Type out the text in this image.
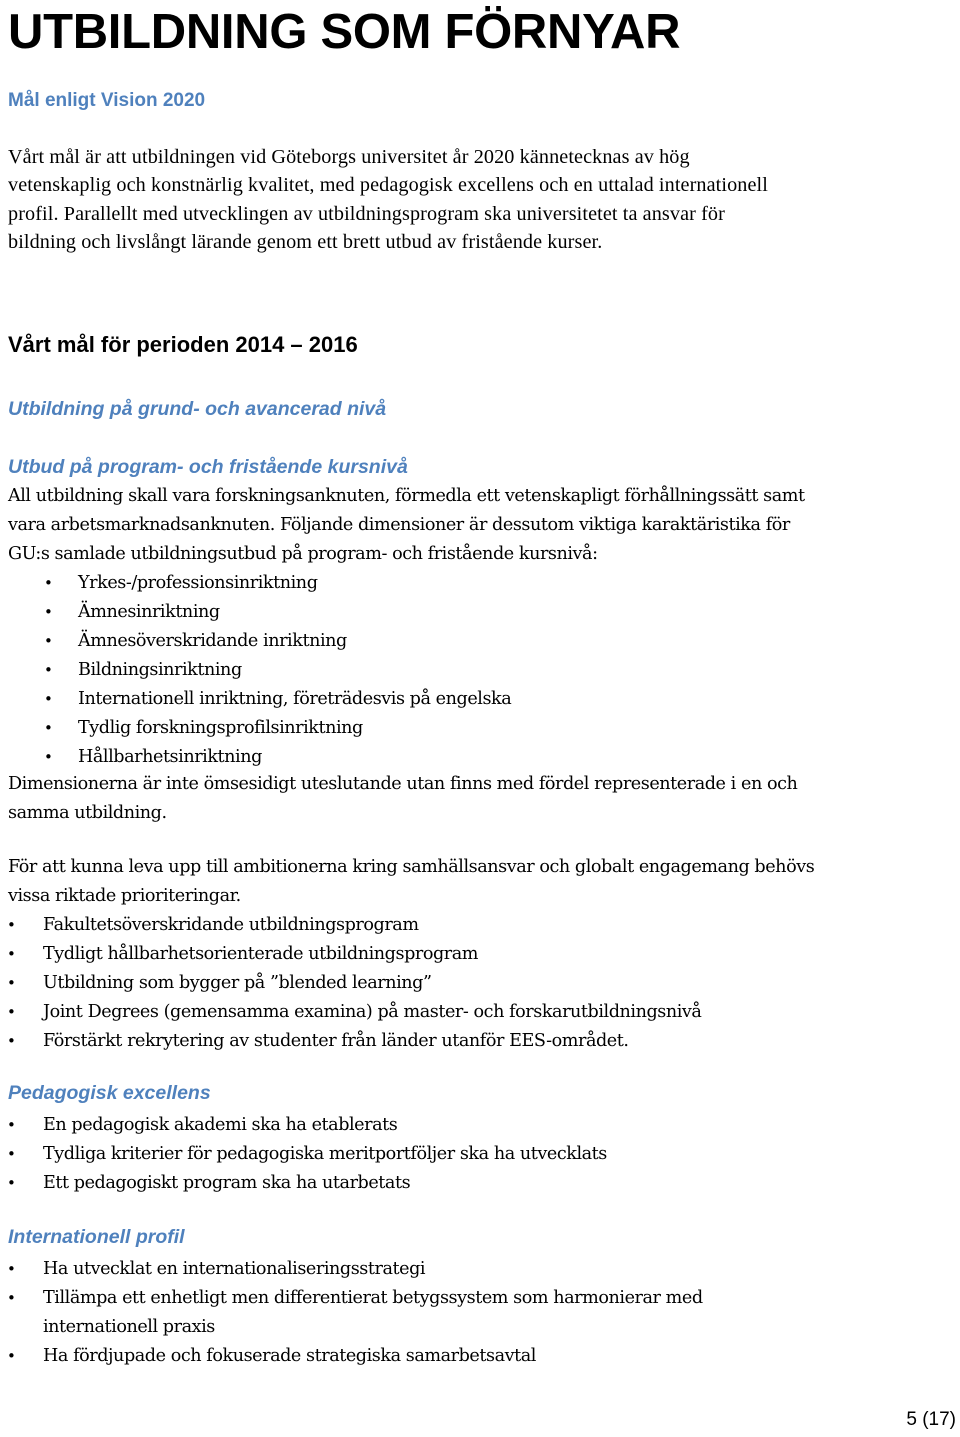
UTBILDNING SOM FÖRNYAR
Mål enligt Vision 2020

Vårt mål är att utbildningen vid Göteborgs universitet år 2020 kännetecknas av hög
vetenskaplig och konstnärlig kvalitet, med pedagogisk excellens och en uttalad internationell
profil. Parallellt med utvecklingen av utbildningsprogram ska universitetet ta ansvar för
bildning och livslångt lärande genom ett brett utbud av fristående kurser.

Vårt mål för perioden 2014 – 2016
Utbildning på grund- och avancerad nivå
Utbud på program- och fristående kursnivå

All utbildning skall vara forskningsanknuten, förmedla ett vetenskapligt förhållningssätt samt
vara arbetsmarknadsanknuten. Följande dimensioner är dessutom viktiga karaktäristika för
GU:s samlade utbildningsutbud på program- och fristående kursnivå:

• Yrkes-/professionsinriktning
• Ämnesinriktning
• Ämnesöverskridande inriktning
• Bildningsinriktning
• Internationell inriktning, företrädesvis på engelska
• Tydlig forskningsprofilsinriktning
• Hållbarhetsinriktning

Dimensionerna är inte ömsesidigt uteslutande utan finns med fördel representerade i en och
samma utbildning.

För att kunna leva upp till ambitionerna kring samhällsansvar och globalt engagemang behövs
vissa riktade prioriteringar.

• Fakultetsöverskridande utbildningsprogram
• Tydligt hållbarhetsorienterade utbildningsprogram
• Utbildning som bygger på ”blended learning”
• Joint Degrees (gemensamma examina) på master- och forskarutbildningsnivå
• Förstärkt rekrytering av studenter från länder utanför EES-området.
Pedagogisk excellens
• En pedagogisk akademi ska ha etablerats
• Tydliga kriterier för pedagogiska meritportföljer ska ha utvecklats
• Ett pedagogiskt program ska ha utarbetats
Internationell profil
• Ha utvecklat en internationaliseringsstrategi
• Tillämpa ett enhetligt men differentierat betygssystem som harmonierar med
internationell praxis
• Ha fördjupade och fokuserade strategiska samarbetsavtal
5 (17)
